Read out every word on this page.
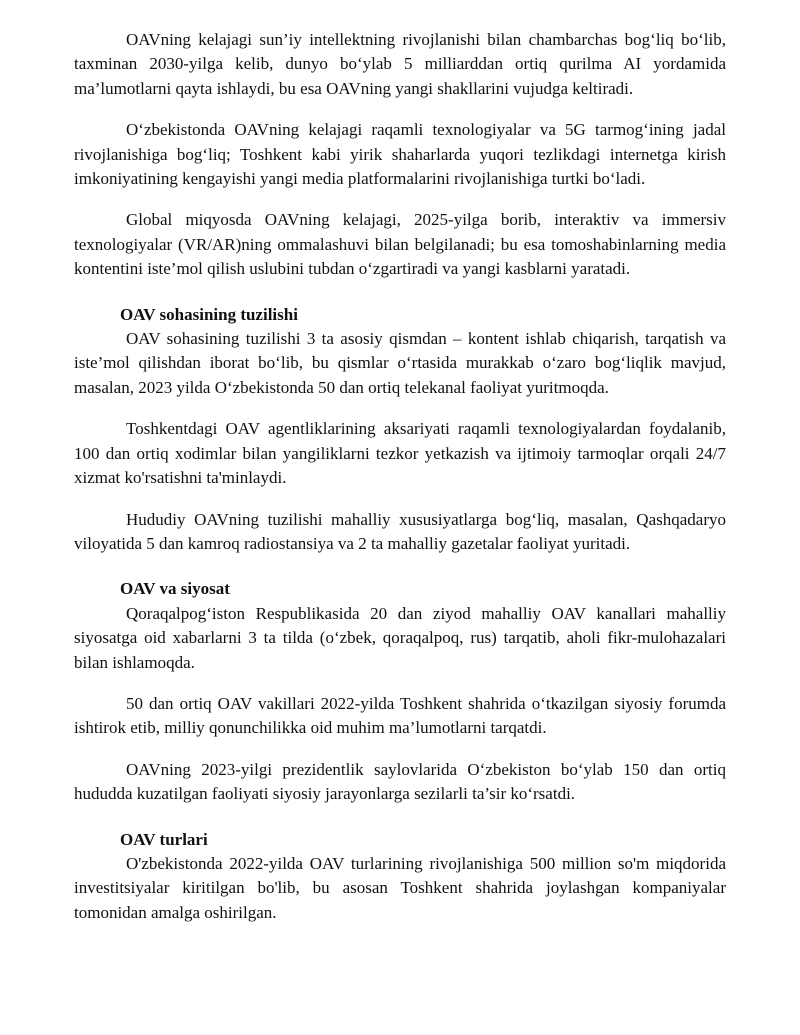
OAVning kelajagi sun’iy intellektning rivojlanishi bilan chambarchas bog‘liq bo‘lib, taxminan 2030-yilga kelib, dunyo bo‘ylab 5 milliarddan ortiq qurilma AI yordamida ma’lumotlarni qayta ishlaydi, bu esa OAVning yangi shakllarini vujudga keltiradi.

O‘zbekistonda OAVning kelajagi raqamli texnologiyalar va 5G tarmog‘ining jadal rivojlanishiga bog‘liq; Toshkent kabi yirik shaharlarda yuqori tezlikdagi internetga kirish imkoniyatining kengayishi yangi media platformalarini rivojlanishiga turtki bo‘ladi.

Global miqyosda OAVning kelajagi, 2025-yilga borib, interaktiv va immersiv texnologiyalar (VR/AR)ning ommalashuvi bilan belgilanadi; bu esa tomoshabinlarning media kontentini iste’mol qilish uslubini tubdan o‘zgartiradi va yangi kasblarni yaratadi.

OAV sohasining tuzilishi

OAV sohasining tuzilishi 3 ta asosiy qismdan – kontent ishlab chiqarish, tarqatish va iste’mol qilishdan iborat bo‘lib, bu qismlar o‘rtasida murakkab o‘zaro bog‘liqlik mavjud, masalan, 2023 yilda O‘zbekistonda 50 dan ortiq telekanal faoliyat yuritmoqda.

Toshkentdagi OAV agentliklarining aksariyati raqamli texnologiyalardan foydalanib, 100 dan ortiq xodimlar bilan yangiliklarni tezkor yetkazish va ijtimoiy tarmoqlar orqali 24/7 xizmat ko'rsatishni ta'minlaydi.

Hududiy OAVning tuzilishi mahalliy xususiyatlarga bog‘liq, masalan, Qashqadaryo viloyatida 5 dan kamroq radiostansiya va 2 ta mahalliy gazetalar faoliyat yuritadi.

OAV va siyosat

Qoraqalpog‘iston Respublikasida 20 dan ziyod mahalliy OAV kanallari mahalliy siyosatga oid xabarlarni 3 ta tilda (o‘zbek, qoraqalpoq, rus) tarqatib, aholi fikr-mulohazalari bilan ishlamoqda.

50 dan ortiq OAV vakillari 2022-yilda Toshkent shahrida o‘tkazilgan siyosiy forumda ishtirok etib, milliy qonunchilikka oid muhim ma’lumotlarni tarqatdi.

OAVning 2023-yilgi prezidentlik saylovlarida O‘zbekiston bo‘ylab 150 dan ortiq hududda kuzatilgan faoliyati siyosiy jarayonlarga sezilarli ta’sir ko‘rsatdi.

OAV turlari

O'zbekistonda 2022-yilda OAV turlarining rivojlanishiga 500 million so'm miqdorida investitsiyalar kiritilgan bo'lib, bu asosan Toshkent shahrida joylashgan kompaniyalar tomonidan amalga oshirilgan.
